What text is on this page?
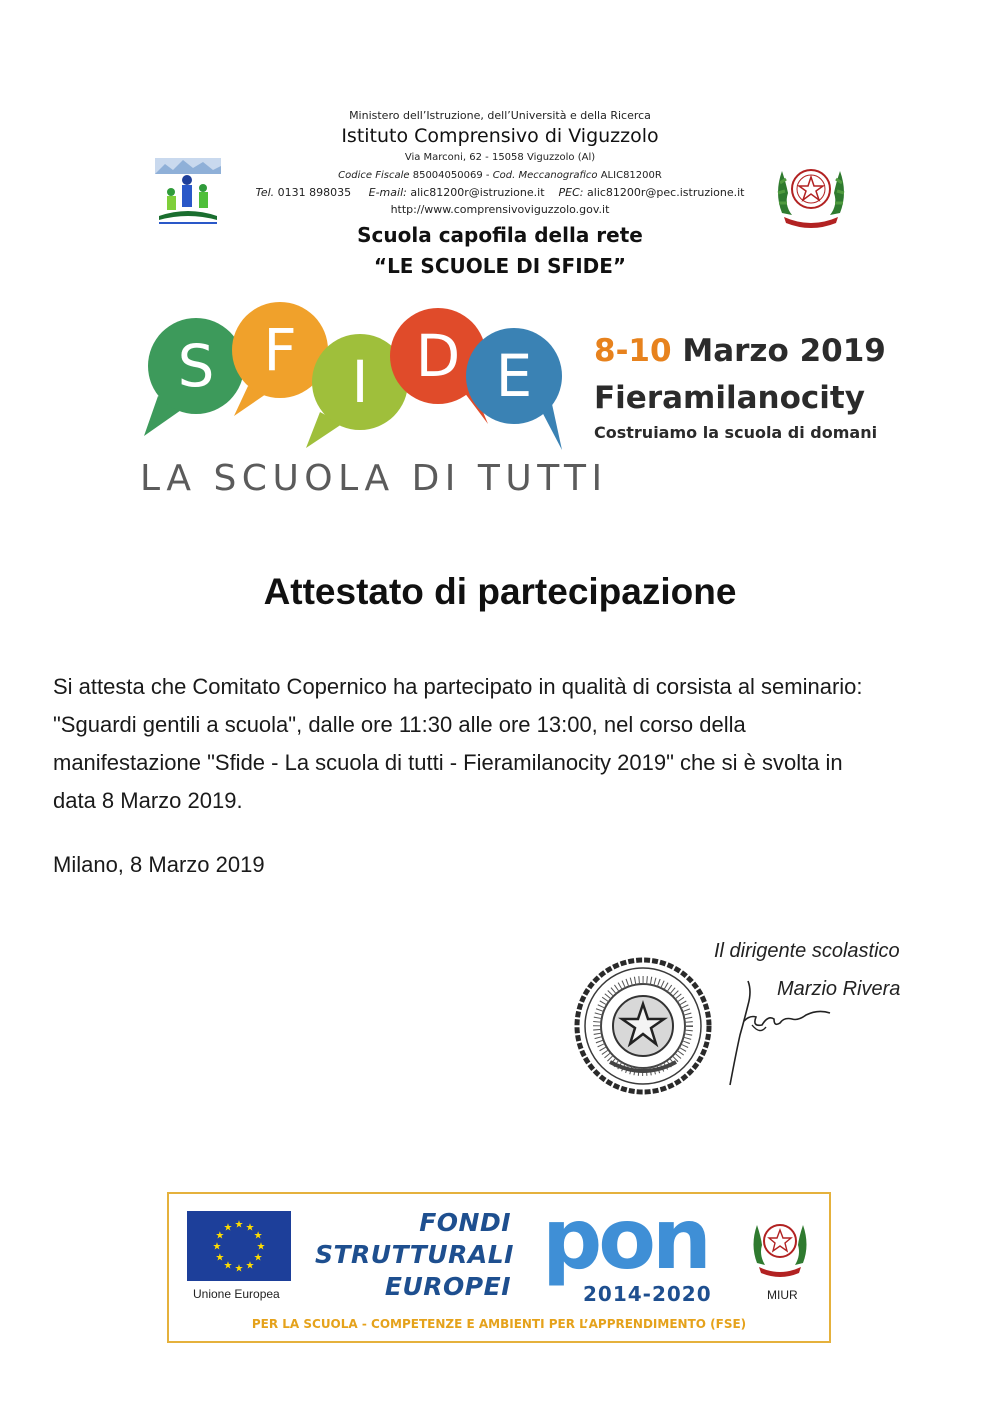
Ministero dell’Istruzione, dell’Università e della Ricerca
Istituto Comprensivo di Viguzzolo
Via Marconi, 62 - 15058 Viguzzolo (Al)
Codice Fiscale 85004050069 - Cod. Meccanografico ALIC81200R
Tel. 0131 898035 E-mail: alic81200r@istruzione.it PEC: alic81200r@pec.istruzione.it
http://www.comprensivoviguzzolo.gov.it
Scuola capofila della rete
“LE SCUOLE DI SFIDE”
S F I D E
LA SCUOLA DI TUTTI
8-10 Marzo 2019
Fieramilanocity
Costruiamo la scuola di domani
Attestato di partecipazione
Si attesta che Comitato Copernico ha partecipato in qualità di corsista al seminario:
"Sguardi gentili a scuola", dalle ore 11:30 alle ore 13:00, nel corso della
manifestazione "Sfide - La scuola di tutti - Fieramilanocity 2019" che si è svolta in
data 8 Marzo 2019.
Milano, 8 Marzo 2019
Il dirigente scolastico
Marzio Rivera
★ ★
★
★
★
★
★
★
★
★
★
★
Unione Europea
FONDI
STRUTTURALI
EUROPEI pon
2014-2020	MIUR
PER LA SCUOLA - COMPETENZE E AMBIENTI PER L’APPRENDIMENTO (FSE)
